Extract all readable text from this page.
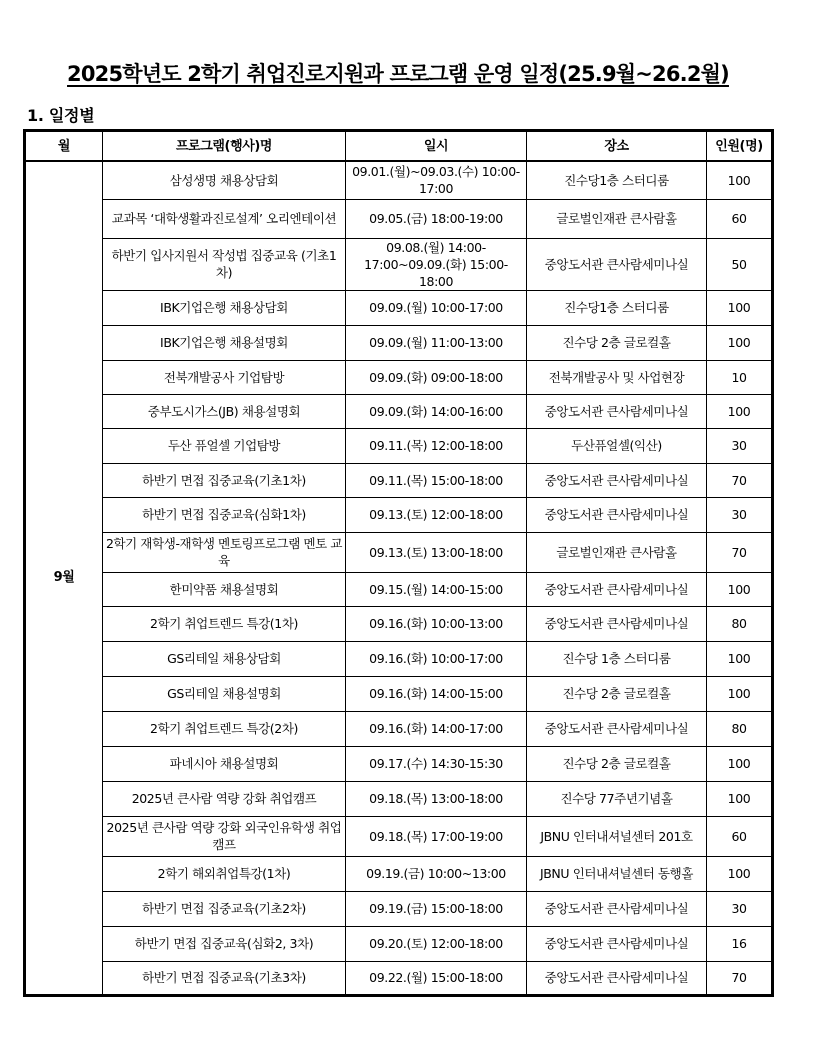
2025학년도 2학기 취업진로지원과 프로그램 운영 일정(25.9월~26.2월)
1. 일정별
월	프로그램(행사)명	일시	장소	인원(명)
9월	삼성생명 채용상담회	09.01.(월)~09.03.(수) 10:00-17:00	진수당1층 스터디룸	100
	교과목 ‘대학생활과진로설계’ 오리엔테이션	09.05.(금) 18:00-19:00	글로벌인재관 큰사람홀	60
	하반기 입사지원서 작성법 집중교육 (기초1차)	09.08.(월) 14:00-17:00~09.09.(화) 15:00-18:00	중앙도서관 큰사람세미나실	50
	IBK기업은행 채용상담회	09.09.(월) 10:00-17:00	진수당1층 스터디룸	100
	IBK기업은행 채용설명회	09.09.(월) 11:00-13:00	진수당 2층 글로컬홀	100
	전북개발공사 기업탐방	09.09.(화) 09:00-18:00	전북개발공사 및 사업현장	10
	중부도시가스(JB) 채용설명회	09.09.(화) 14:00-16:00	중앙도서관 큰사람세미나실	100
	두산 퓨얼셀 기업탐방	09.11.(목) 12:00-18:00	두산퓨얼셀(익산)	30
	하반기 면접 집중교육(기초1차)	09.11.(목) 15:00-18:00	중앙도서관 큰사람세미나실	70
	하반기 면접 집중교육(심화1차)	09.13.(토) 12:00-18:00	중앙도서관 큰사람세미나실	30
	2학기 재학생-재학생 멘토링프로그램 멘토 교육	09.13.(토) 13:00-18:00	글로벌인재관 큰사람홀	70
	한미약품 채용설명회	09.15.(월) 14:00-15:00	중앙도서관 큰사람세미나실	100
	2학기 취업트렌드 특강(1차)	09.16.(화) 10:00-13:00	중앙도서관 큰사람세미나실	80
	GS리테일 채용상담회	09.16.(화) 10:00-17:00	진수당 1층 스터디룸	100
	GS리테일 채용설명회	09.16.(화) 14:00-15:00	진수당 2층 글로컬홀	100
	2학기 취업트렌드 특강(2차)	09.16.(화) 14:00-17:00	중앙도서관 큰사람세미나실	80
	파네시아 채용설명회	09.17.(수) 14:30-15:30	진수당 2층 글로컬홀	100
	2025년 큰사람 역량 강화 취업캠프	09.18.(목) 13:00-18:00	진수당 77주년기념홀	100
	2025년 큰사람 역량 강화 외국인유학생 취업캠프	09.18.(목) 17:00-19:00	JBNU 인터내셔널센터 201호	60
	2학기 해외취업특강(1차)	09.19.(금) 10:00~13:00	JBNU 인터내셔널센터 동행홀	100
	하반기 면접 집중교육(기초2차)	09.19.(금) 15:00-18:00	중앙도서관 큰사람세미나실	30
	하반기 면접 집중교육(심화2, 3차)	09.20.(토) 12:00-18:00	중앙도서관 큰사람세미나실	16
	하반기 면접 집중교육(기초3차)	09.22.(월) 15:00-18:00	중앙도서관 큰사람세미나실	70
